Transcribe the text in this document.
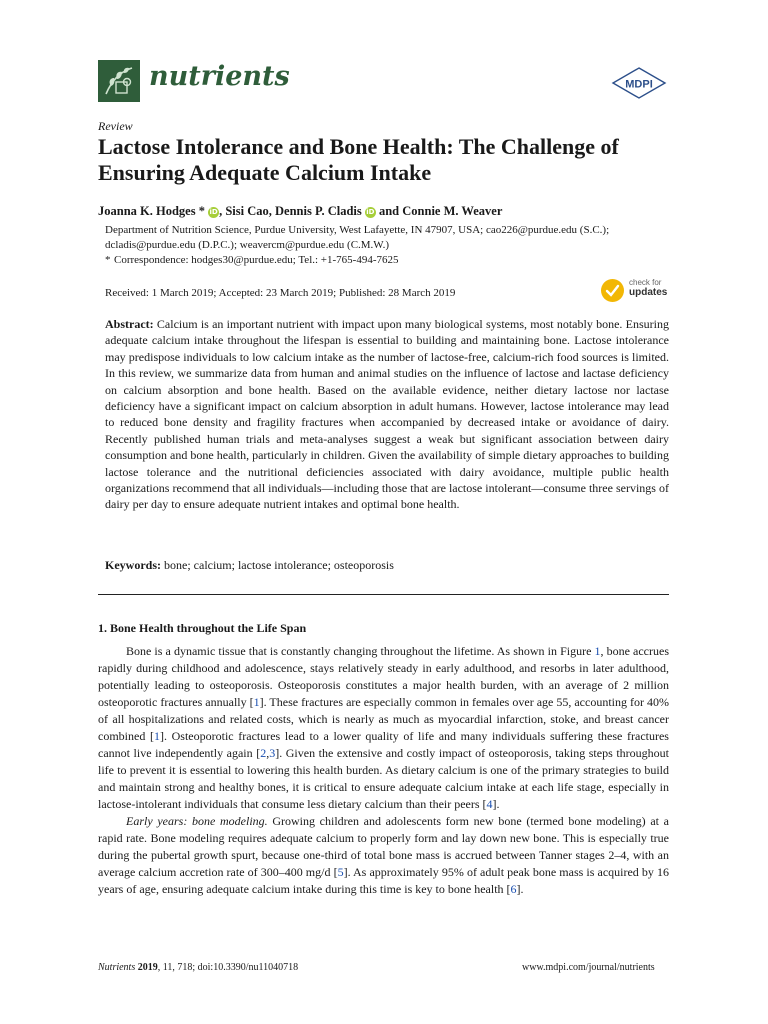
nutrients	MDPI
Review
Lactose Intolerance and Bone Health: The Challenge of Ensuring Adequate Calcium Intake
Joanna K. Hodges * iD, Sisi Cao, Dennis P. Cladis iD and Connie M. Weaver
Department of Nutrition Science, Purdue University, West Lafayette, IN 47907, USA; cao226@purdue.edu (S.C.);
dcladis@purdue.edu (D.P.C.); weavercm@purdue.edu (C.M.W.)
* Correspondence: hodges30@purdue.edu; Tel.: +1-765-494-7625
Received: 1 March 2019; Accepted: 23 March 2019; Published: 28 March 2019
check for
updates
Abstract: Calcium is an important nutrient with impact upon many biological systems, most notably bone. Ensuring adequate calcium intake throughout the lifespan is essential to building and maintaining bone. Lactose intolerance may predispose individuals to low calcium intake as the number of lactose-free, calcium-rich food sources is limited. In this review, we summarize data from human and animal studies on the influence of lactose and lactase deficiency on calcium absorption and bone health. Based on the available evidence, neither dietary lactose nor lactase deficiency have a significant impact on calcium absorption in adult humans. However, lactose intolerance may lead to reduced bone density and fragility fractures when accompanied by decreased intake or avoidance of dairy. Recently published human trials and meta-analyses suggest a weak but significant association between dairy consumption and bone health, particularly in children. Given the availability of simple dietary approaches to building lactose tolerance and the nutritional deficiencies associated with dairy avoidance, multiple public health organizations recommend that all individuals—including those that are lactose intolerant—consume three servings of dairy per day to ensure adequate nutrient intakes and optimal bone health.
Keywords: bone; calcium; lactose intolerance; osteoporosis
1. Bone Health throughout the Life Span

Bone is a dynamic tissue that is constantly changing throughout the lifetime. As shown in Figure 1, bone accrues rapidly during childhood and adolescence, stays relatively steady in early adulthood, and resorbs in later adulthood, potentially leading to osteoporosis. Osteoporosis constitutes a major health burden, with an average of 2 million osteoporotic fractures annually [1]. These fractures are especially common in females over age 55, accounting for 40% of all hospitalizations and related costs, which is nearly as much as myocardial infarction, stoke, and breast cancer combined [1]. Osteoporotic fractures lead to a lower quality of life and many individuals suffering these fractures cannot live independently again [2,3]. Given the extensive and costly impact of osteoporosis, taking steps throughout life to prevent it is essential to lowering this health burden. As dietary calcium is one of the primary strategies to build and maintain strong and healthy bones, it is critical to ensure adequate calcium intake at each life stage, especially in lactose-intolerant individuals that consume less dietary calcium than their peers [4].

Early years: bone modeling. Growing children and adolescents form new bone (termed bone modeling) at a rapid rate. Bone modeling requires adequate calcium to properly form and lay down new bone. This is especially true during the pubertal growth spurt, because one-third of total bone mass is accrued between Tanner stages 2–4, with an average calcium accretion rate of 300–400 mg/d [5]. As approximately 95% of adult peak bone mass is acquired by 16 years of age, ensuring adequate calcium intake during this time is key to bone health [6].

Nutrients 2019, 11, 718; doi:10.3390/nu11040718	www.mdpi.com/journal/nutrients
